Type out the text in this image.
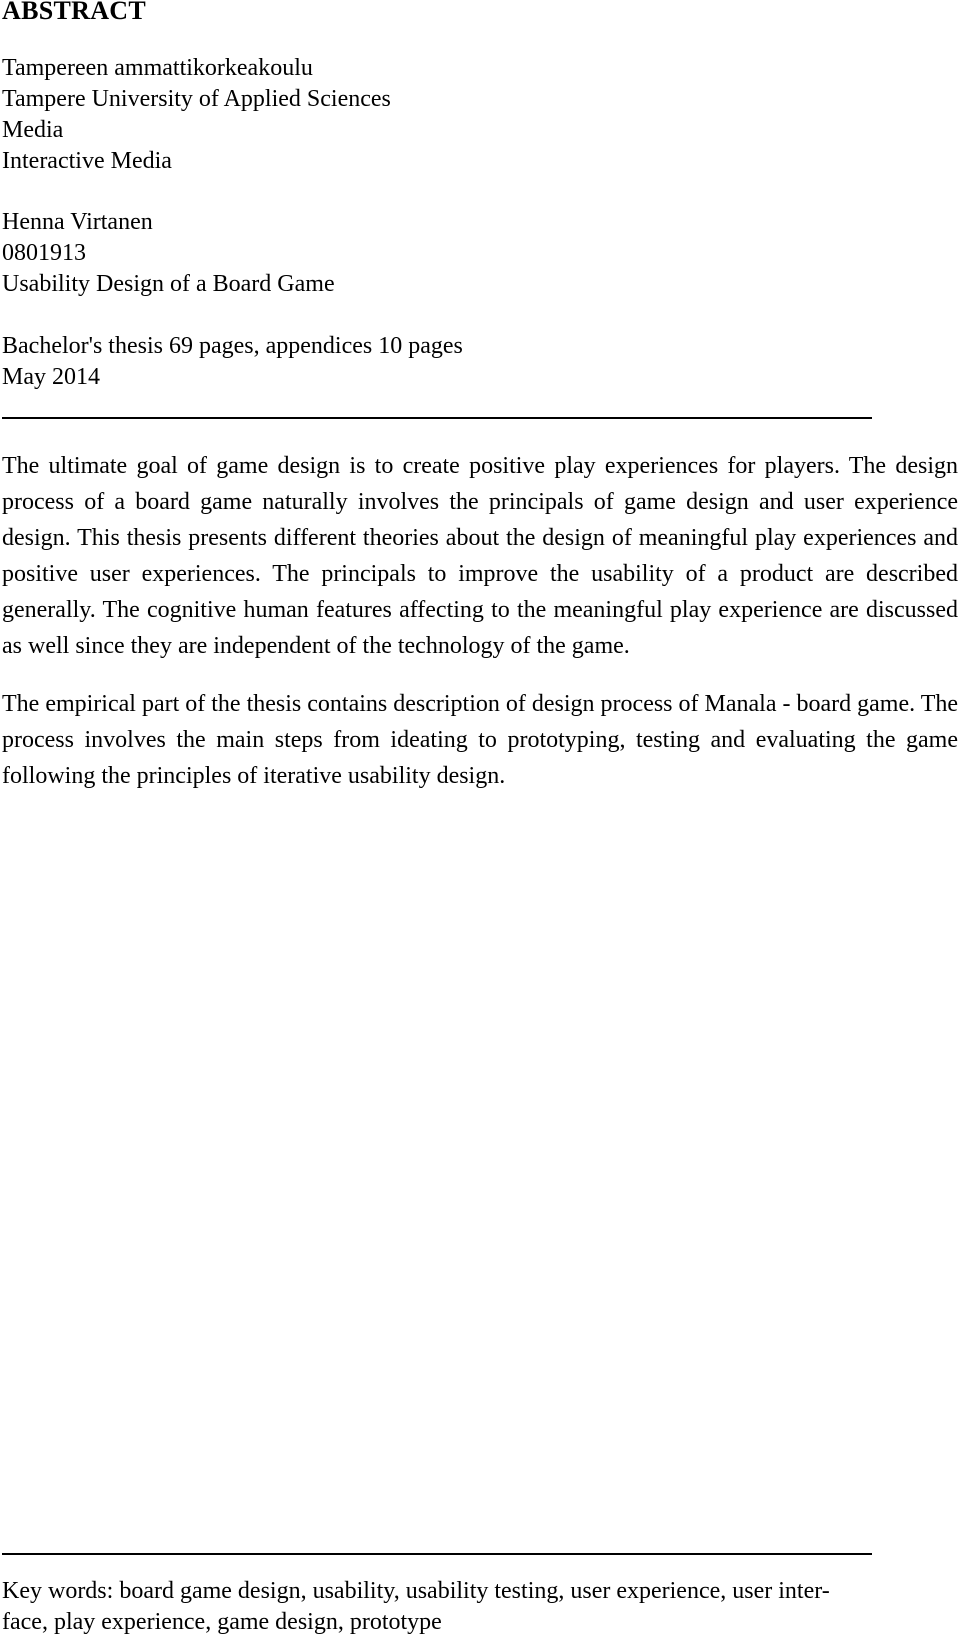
ABSTRACT
Tampereen ammattikorkeakoulu
Tampere University of Applied Sciences
Media
Interactive Media
Henna Virtanen
0801913
Usability Design of a Board Game
Bachelor's thesis 69 pages, appendices 10 pages
May 2014

The ultimate goal of game design is to create positive play experiences for players. The design process of a board game naturally involves the principals of game design and user experience design. This thesis presents different theories about the design of meaningful play experiences and positive user experiences. The principals to improve the usability of a product are described generally. The cognitive human features affecting to the meaningful play experience are discussed as well since they are independent of the technology of the game.

The empirical part of the thesis contains description of design process of Manala - board game. The process involves the main steps from ideating to prototyping, testing and evaluating the game following the principles of iterative usability design.

Key words: board game design, usability, usability testing, user experience, user inter-
face, play experience, game design, prototype
